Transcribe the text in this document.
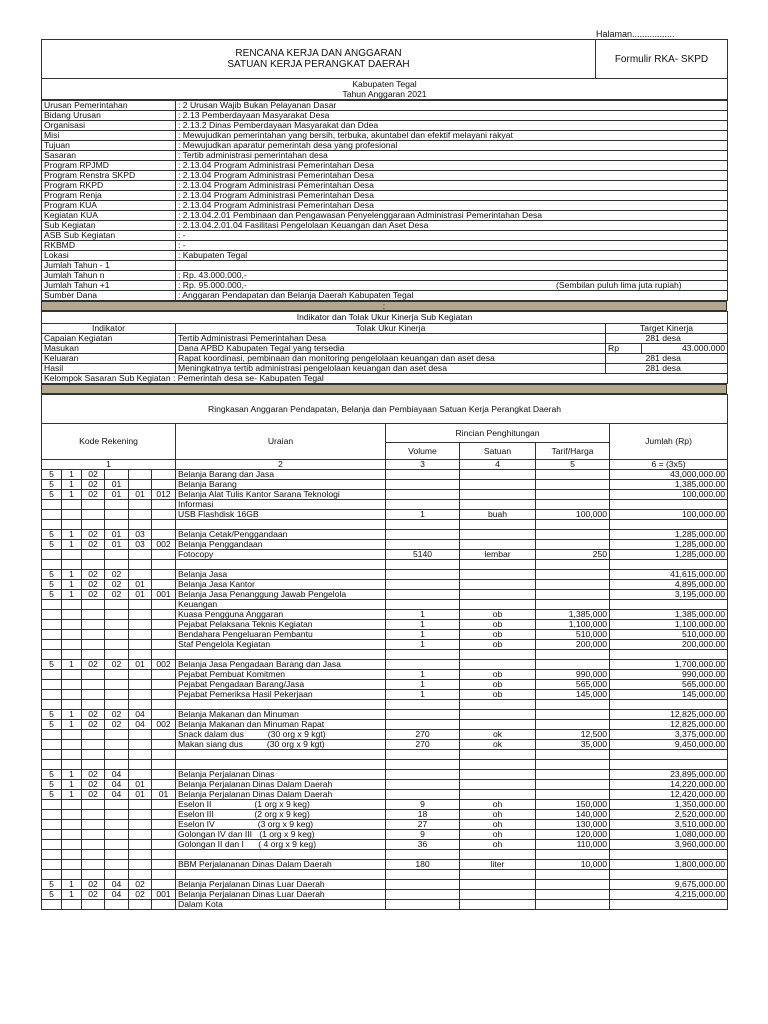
Halaman.................
RENCANA KERJA DAN ANGGARAN
SATUAN KERJA PERANGKAT DAERAH	Formulir RKA- SKPD

Kabupaten Tegal
Tahun Anggaran 2021
Urusan Pemerintahan	: 2 Urusan Wajib Bukan Pelayanan Dasar
Bidang Urusan	: 2.13 Pemberdayaan Masyarakat Desa
Organisasi	: 2.13.2 Dinas Pemberdayaan Masyarakat dan Ddea
Misi	: Mewujudkan pemerintahan yang bersih, terbuka, akuntabel dan efektif melayani rakyat
Tujuan	: Mewujudkan aparatur pemerintah desa yang profesional
Sasaran	: Tertib administrasi pemerintahan desa
Program RPJMD	: 2.13.04 Program Administrasi Pemerintahan Desa
Program Renstra SKPD	: 2.13.04 Program Administrasi Pemerintahan Desa
Program RKPD	: 2.13.04 Program Administrasi Pemerintahan Desa
Program Renja	: 2.13.04 Program Administrasi Pemerintahan Desa
Program KUA	: 2.13.04 Program Administrasi Pemerintahan Desa
Kegiatan KUA	: 2.13.04.2.01 Pembinaan dan Pengawasan Penyelenggaraan Administrasi Pemerintahan Desa
Sub Kegiatan	: 2.13.04.2.01.04 Fasilitasi Pengelolaan Keuangan dan Aset Desa
ASB Sub Kegiatan	: -
RKBMD	: -
Lokasi	: Kabupaten Tegal
Jumlah Tahun - 1	
Jumlah Tahun n	: Rp. 43.000.000,-
Jumlah Tahun +1	: Rp. 95.000.000,- (Sembilan puluh lima juta rupiah)

Sumber Dana	: Anggaran Pendapatan dan Belanja Daerah Kabupaten Tegal
:
Indikator dan Tolak Ukur Kinerja Sub Kegiatan			
Indikator	Tolak Ukur Kinerja	Target Kinerja	
Capaian Kegiatan	Tertib Administrasi Pemerintahan Desa		281 desa
Masukan	Dana APBD Kabupaten Tegal yang tersedia	Rp	43.000.000
Keluaran	Rapat koordinasi, pembinaan dan monitoring pengelolaan keuangan dan aset desa		281 desa
Hasil	Meningkatnya tertib administrasi pengelolaan keuangan dan aset desa		281 desa
Kelompok Sasaran Sub Kegiatan : Pemerintah desa se- Kabupaten Tegal			
Ringkasan Anggaran Pendapatan, Belanja dan Pembiayaan Satuan Kerja Perangkat Daerah										
Kode Rekening						Uraian	Rincian Penghitungan			Jumlah (Rp)
							Volume	Satuan	Tarif/Harga	
1						2	3	4	5	6 = (3x5)
5	1	02				Belanja Barang dan Jasa				43,000,000.00
5	1	02	01			Belanja Barang				1,385,000.00
5	1	02	01	01	012	Belanja Alat Tulis Kantor Sarana Teknologi				100,000.00
						Informasi				
						USB Flashdisk 16GB	1	buah	100,000	100,000.00

5	1	02	01	03		Belanja Cetak/Penggandaan				1,285,000.00
5	1	02	01	03	002	Belanja Penggandaan				1,285,000.00
						Fotocopy	5140	lembar	250	1,285,000.00

5	1	02	02			Belanja Jasa				41,615,000.00
5	1	02	02	01		Belanja Jasa Kantor				4,895,000.00
5	1	02	02	01	001	Belanja Jasa Penanggung Jawab Pengelola				3,195,000.00
						Keuangan				
						Kuasa Pengguna Anggaran	1	ob	1,385,000	1,385,000.00
						Pejabat Pelaksana Teknis Kegiatan	1	ob	1,100,000	1,100,000.00
						Bendahara Pengeluaran Pembantu	1	ob	510,000	510,000.00
						Staf Pengelola Kegiatan	1	ob	200,000	200,000.00

5	1	02	02	01	002	Belanja Jasa Pengadaan Barang dan Jasa				1,700,000.00
						Pejabat Pembuat Komitmen	1	ob	990,000	990,000.00
						Pejabat Pengadaan Barang/Jasa	1	ob	565,000	565,000.00
						Pejabat Pemeriksa Hasil Pekerjaan	1	ob	145,000	145,000.00

5	1	02	02	04		Belanja Makanan dan Minuman				12,825,000.00
5	1	02	02	04	002	Belanja Makanan dan Minuman Rapat				12,825,000.00
						Snack dalam dus          (30 org x 9 kgt)	270	ok	12,500	3,375,000.00
						Makan siang dus          (30 org x 9 kgt)	270	ok	35,000	9,450,000.00

5	1	02	04			Belanja Perjalanan Dinas				23,895,000.00
5	1	02	04	01		Belanja Perjalanan Dinas Dalam Daerah				14,220,000.00
5	1	02	04	01	01	Belanja Perjalanan Dinas Dalam Daerah				12,420,000.00
						Eselon II                  (1 org x 9 keg)	9	oh	150,000	1,350,000.00
						Eselon III                 (2 org x 9 keg)	18	oh	140,000	2,520,000.00
						Eselon IV                  (3 org x 9 keg)	27	oh	130,000	3,510,000.00
						Golongan IV dan III   (1 org x 9 keg)	9	oh	120,000	1,080,000.00
						Golongan II dan I      ( 4 org x 9 keg)	36	oh	110,000	3,960,000.00

						BBM Perjalananan Dinas Dalam Daerah	180	liter	10,000	1,800,000.00

5	1	02	04	02		Belanja Perjalanan Dinas Luar Daerah				9,675,000.00
5	1	02	04	02	001	Belanja Perjalanan Dinas Luar Daerah				4,215,000.00
						Dalam Kota				
